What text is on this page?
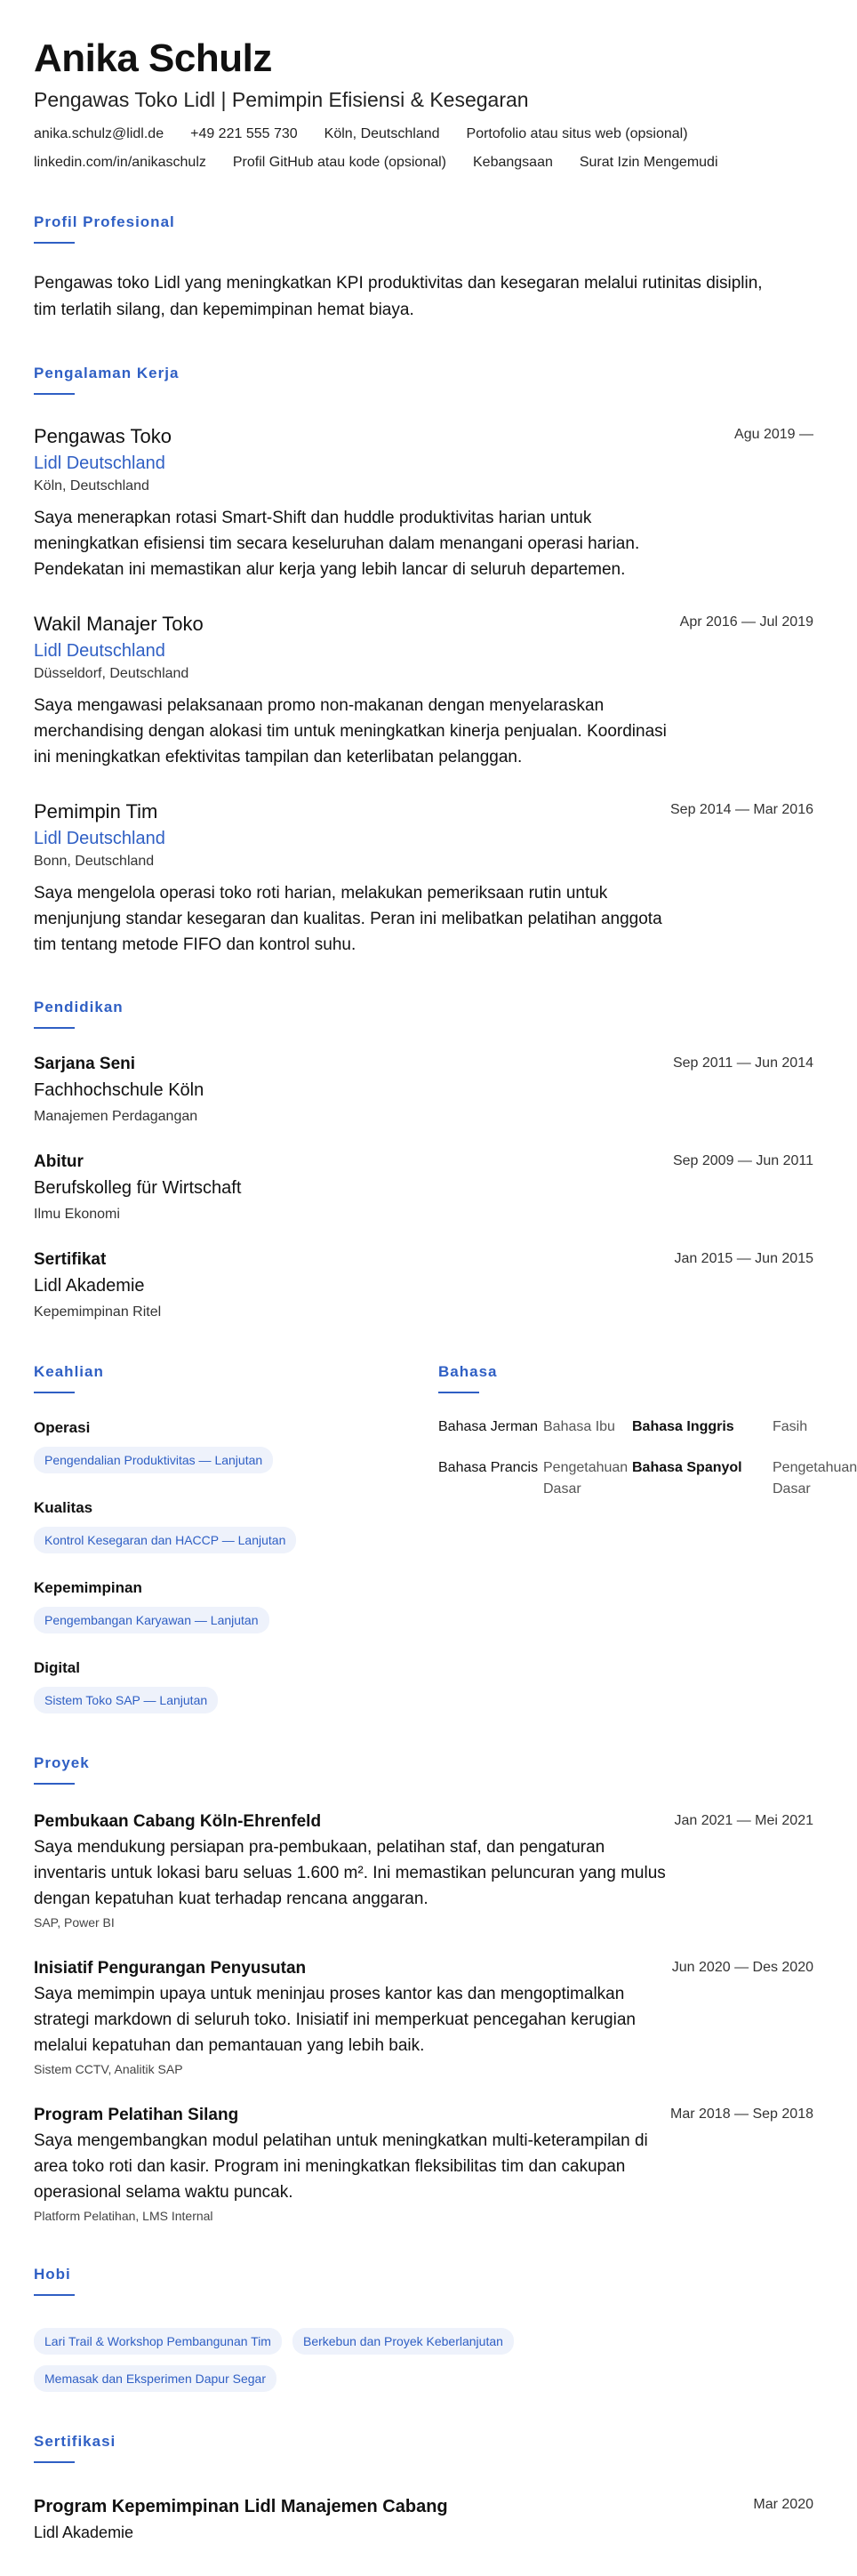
Anika Schulz
Pengawas Toko Lidl | Pemimpin Efisiensi & Kesegaran
anika.schulz@lidl.de +49 221 555 730 Köln, Deutschland Portofolio atau situs web (opsional)
linkedin.com/in/anikaschulz Profil GitHub atau kode (opsional) Kebangsaan Surat Izin Mengemudi
Profil Profesional

Pengawas toko Lidl yang meningkatkan KPI produktivitas dan kesegaran melalui rutinitas disiplin, tim terlatih silang, dan kepemimpinan hemat biaya.

Pengalaman Kerja
Pengawas Toko	Agu 2019 —
Lidl Deutschland
Köln, Deutschland

Saya menerapkan rotasi Smart-Shift dan huddle produktivitas harian untuk meningkatkan efisiensi tim secara keseluruhan dalam menangani operasi harian. Pendekatan ini memastikan alur kerja yang lebih lancar di seluruh departemen.

Wakil Manajer Toko	Apr 2016 — Jul 2019
Lidl Deutschland
Düsseldorf, Deutschland

Saya mengawasi pelaksanaan promo non-makanan dengan menyelaraskan merchandising dengan alokasi tim untuk meningkatkan kinerja penjualan. Koordinasi ini meningkatkan efektivitas tampilan dan keterlibatan pelanggan.

Pemimpin Tim	Sep 2014 — Mar 2016
Lidl Deutschland
Bonn, Deutschland

Saya mengelola operasi toko roti harian, melakukan pemeriksaan rutin untuk menjunjung standar kesegaran dan kualitas. Peran ini melibatkan pelatihan anggota tim tentang metode FIFO dan kontrol suhu.

Pendidikan
Sarjana Seni	Sep 2011 — Jun 2014
Fachhochschule Köln
Manajemen Perdagangan
Abitur	Sep 2009 — Jun 2011
Berufskolleg für Wirtschaft
Ilmu Ekonomi
Sertifikat	Jan 2015 — Jun 2015
Lidl Akademie
Kepemimpinan Ritel
Keahlian
Operasi
Pengendalian Produktivitas — Lanjutan
Kualitas
Kontrol Kesegaran dan HACCP — Lanjutan
Kepemimpinan
Pengembangan Karyawan — Lanjutan
Digital
Sistem Toko SAP — Lanjutan
Bahasa
Bahasa Jerman Bahasa Ibu	Bahasa Inggris	Fasih
Bahasa Prancis Pengetahuan Dasar
Bahasa Spanyol	Pengetahuan Dasar
Proyek
Pembukaan Cabang Köln-Ehrenfeld	Jan 2021 — Mei 2021

Saya mendukung persiapan pra-pembukaan, pelatihan staf, dan pengaturan inventaris untuk lokasi baru seluas 1.600 m². Ini memastikan peluncuran yang mulus dengan kepatuhan kuat terhadap rencana anggaran.

SAP, Power BI
Inisiatif Pengurangan Penyusutan	Jun 2020 — Des 2020

Saya memimpin upaya untuk meninjau proses kantor kas dan mengoptimalkan strategi markdown di seluruh toko. Inisiatif ini memperkuat pencegahan kerugian melalui kepatuhan dan pemantauan yang lebih baik.

Sistem CCTV, Analitik SAP
Program Pelatihan Silang	Mar 2018 — Sep 2018

Saya mengembangkan modul pelatihan untuk meningkatkan multi-keterampilan di area toko roti dan kasir. Program ini meningkatkan fleksibilitas tim dan cakupan operasional selama waktu puncak.

Platform Pelatihan, LMS Internal
Hobi
Lari Trail & Workshop Pembangunan Tim	Berkebun dan Proyek Keberlanjutan
Memasak dan Eksperimen Dapur Segar
Sertifikasi
Program Kepemimpinan Lidl Manajemen Cabang	Mar 2020
Lidl Akademie
